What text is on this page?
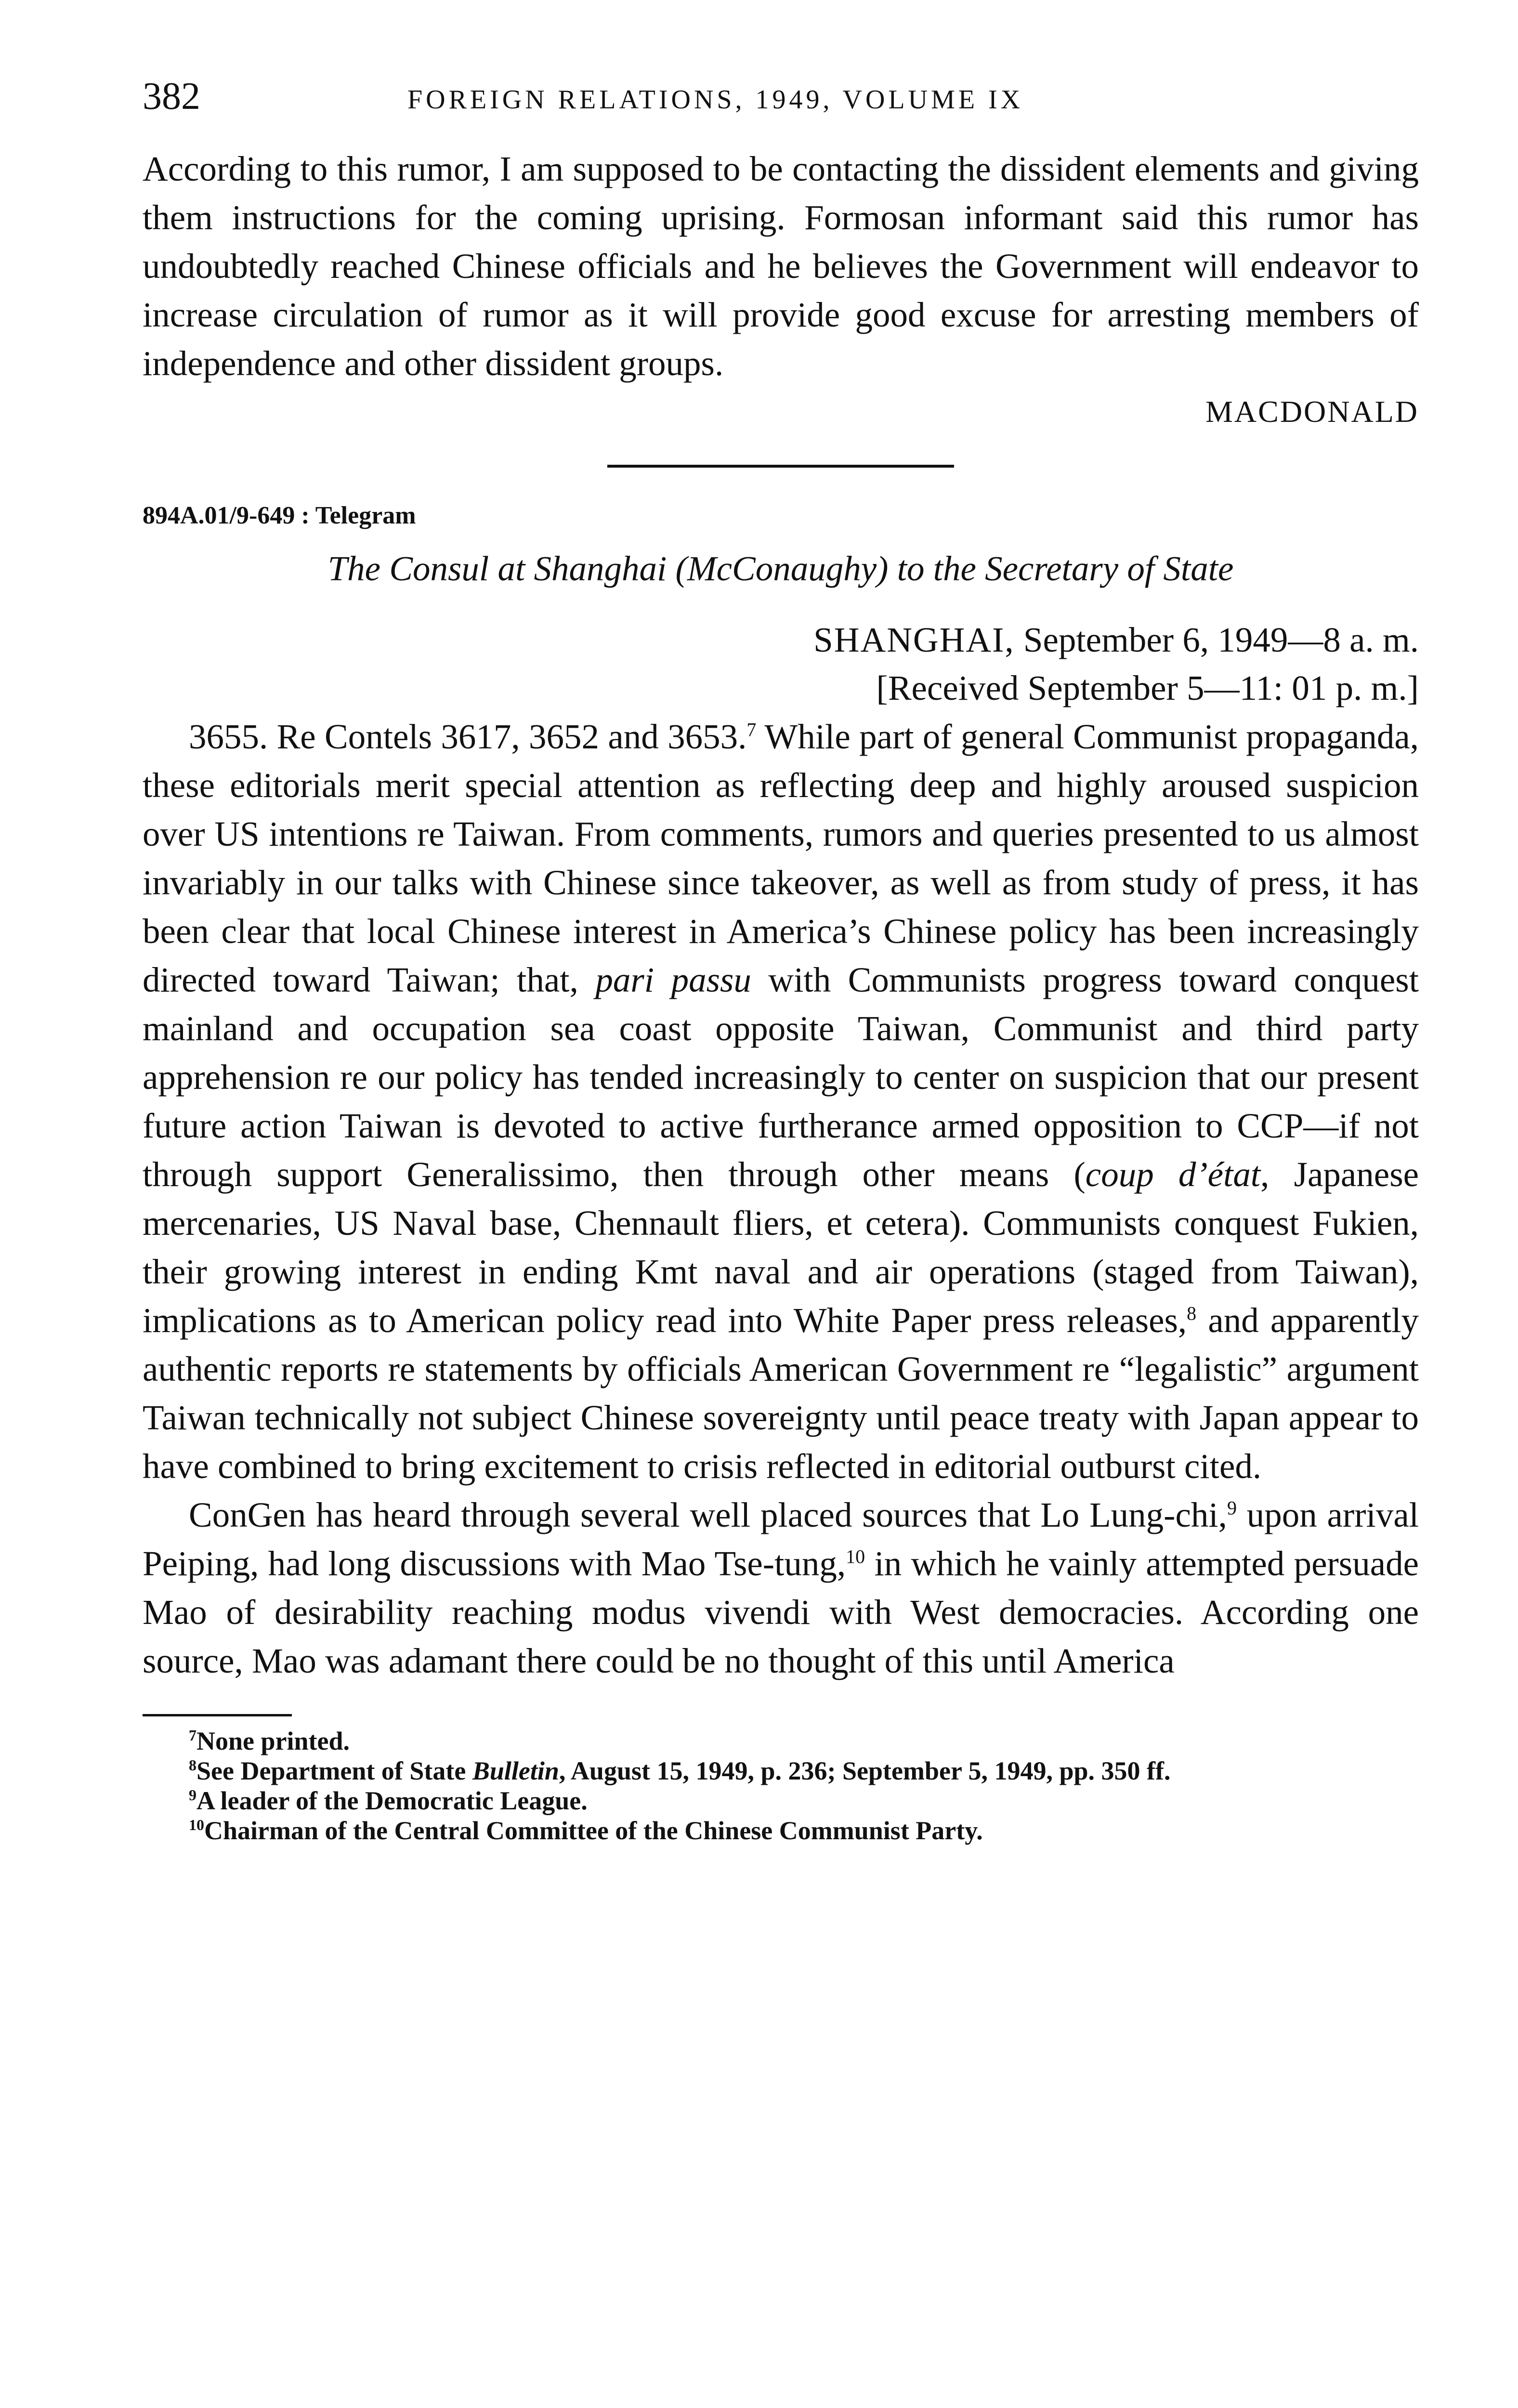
382	FOREIGN RELATIONS, 1949, VOLUME IX

According to this rumor, I am supposed to be contacting the dissident elements and giving them instructions for the coming uprising. Formosan informant said this rumor has undoubtedly reached Chinese officials and he believes the Government will endeavor to increase circulation of rumor as it will provide good excuse for arresting members of independence and other dissident groups.

MACDONALD
894A.01/9-649 : Telegram
The Consul at Shanghai (McConaughy) to the Secretary of State
SHANGHAI, September 6, 1949—8 a. m.
[Received September 5—11: 01 p. m.]

3655. Re Contels 3617, 3652 and 3653.$^7$ While part of general Communist propaganda, these editorials merit special attention as reflecting deep and highly aroused suspicion over US intentions re Taiwan. From comments, rumors and queries presented to us almost invariably in our talks with Chinese since takeover, as well as from study of press, it has been clear that local Chinese interest in America’s Chinese policy has been increasingly directed toward Taiwan; that, pari passu with Communists progress toward conquest mainland and occupation sea coast opposite Taiwan, Communist and third party apprehension re our policy has tended increasingly to center on suspicion that our present future action Taiwan is devoted to active furtherance armed opposition to CCP—if not through support Generalissimo, then through other means (coup d’état, Japanese mercenaries, US Naval base, Chennault fliers, et cetera). Communists conquest Fukien, their growing interest in ending Kmt naval and air operations (staged from Taiwan), implications as to American policy read into White Paper press releases,$^8$ and apparently authentic reports re statements by officials American Government re “legalistic” argument Taiwan technically not subject Chinese sovereignty until peace treaty with Japan appear to have combined to bring excitement to crisis reflected in editorial outburst cited.

ConGen has heard through several well placed sources that Lo Lung-chi,$^9$ upon arrival Peiping, had long discussions with Mao Tse-tung,$^{10}$ in which he vainly attempted persuade Mao of desirability reaching modus vivendi with West democracies. According one source, Mao was adamant there could be no thought of this until America

$^7$None printed.

$^8$See Department of State Bulletin, August 15, 1949, p. 236; September 5, 1949, pp. 350 ff.

$^9$A leader of the Democratic League.

$^{10}$Chairman of the Central Committee of the Chinese Communist Party.
